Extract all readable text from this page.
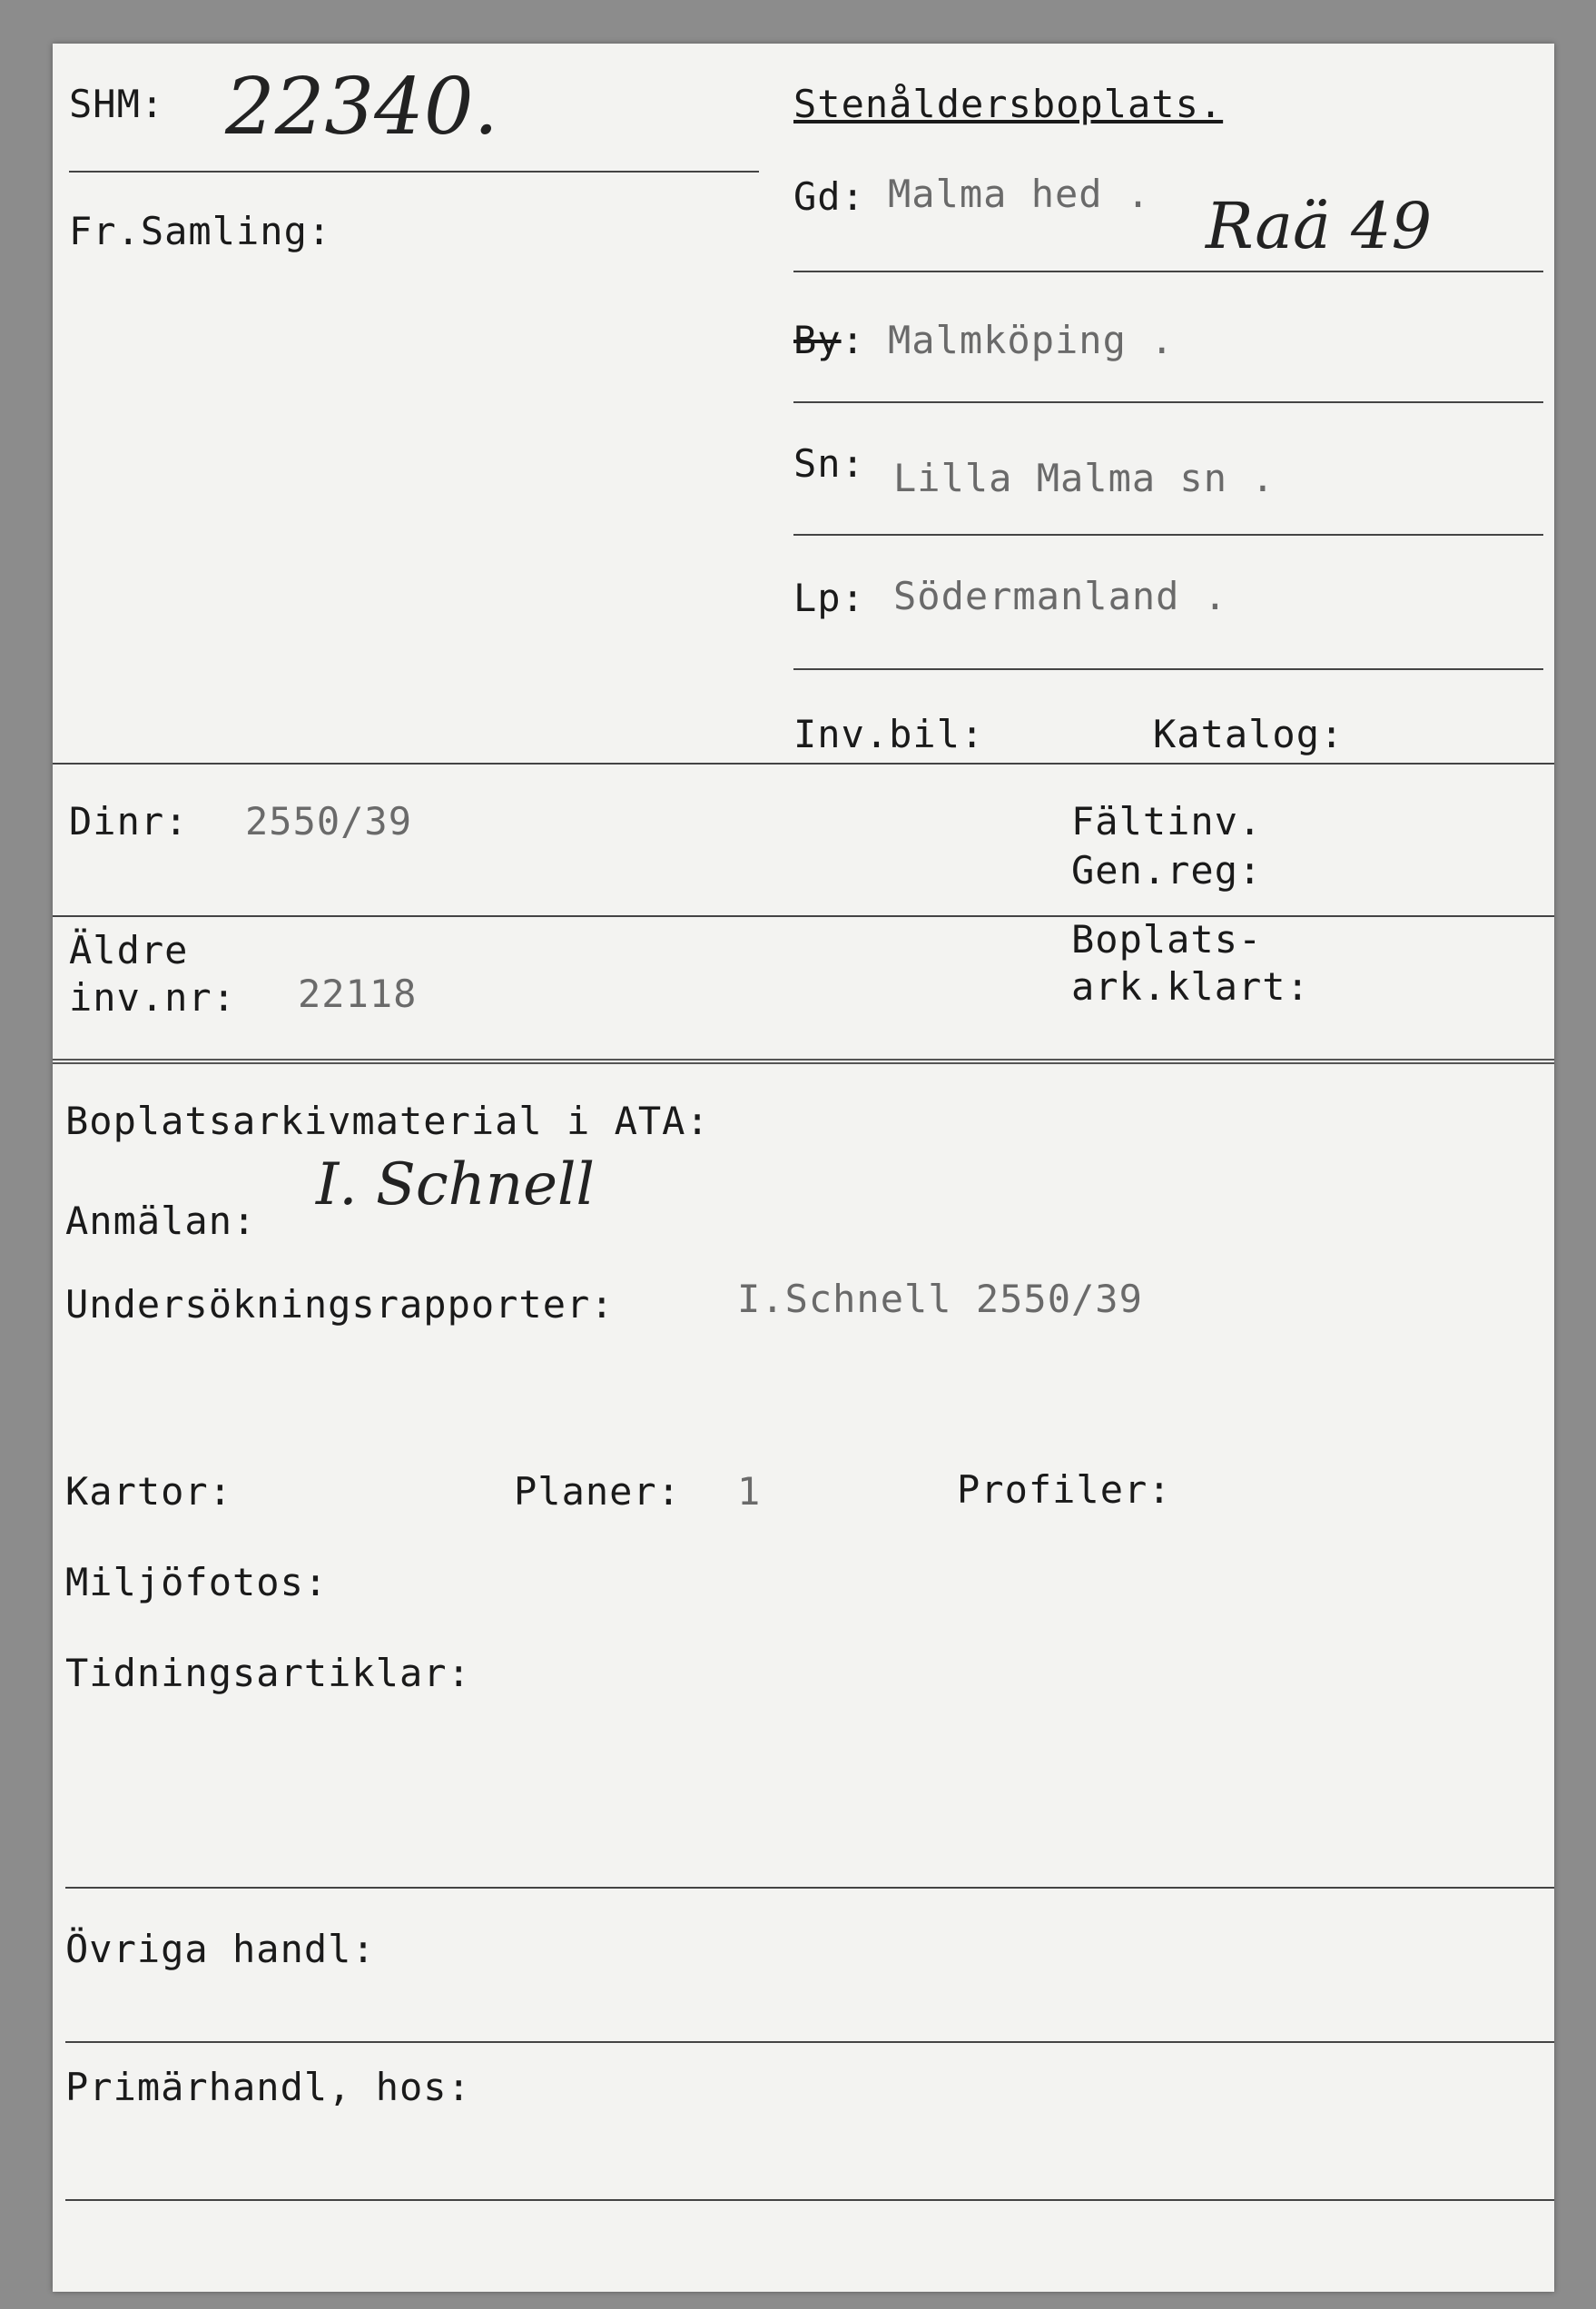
SHM: 22340.	Stenåldersboplats.
Fr.Samling:
Gd: Malma hed . Raä 49
By: Malmköping .
Sn: Lilla Malma sn .
Lp: Södermanland .
Inv.bil:	Katalog:
Dinr: 2550/39	Fältinv.
Gen.reg:
Äldre
inv.nr: 22118
Boplats-
ark.klart:
Boplatsarkivmaterial i ATA:
Anmälan:
I. Schnell
Undersökningsrapporter:	I.Schnell 2550/39
Kartor:	Planer: 1	Profiler:
Miljöfotos:
Tidningsartiklar:
Övriga handl:
Primärhandl, hos:
